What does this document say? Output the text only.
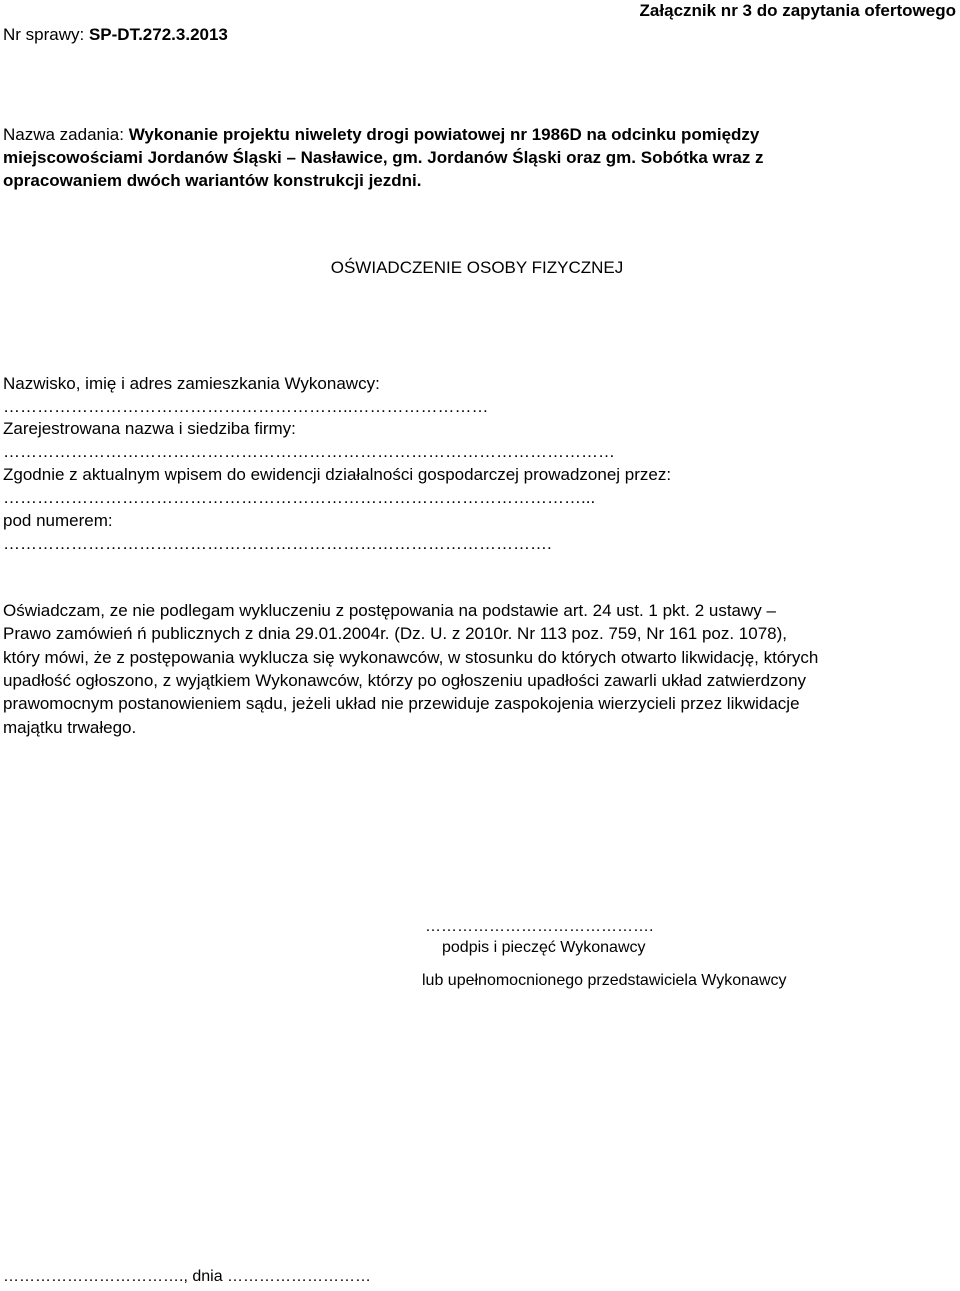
Nr sprawy: SP-DT.272.3.2013
Załącznik nr 3 do zapytania ofertowego
Nazwa zadania: Wykonanie projektu niwelety drogi powiatowej nr 1986D na odcinku pomiędzy
miejscowościami Jordanów Śląski – Nasławice, gm. Jordanów Śląski oraz gm. Sobótka wraz z
opracowaniem dwóch wariantów konstrukcji jezdni.
OŚWIADCZENIE OSOBY FIZYCZNEJ
Nazwisko, imię i adres zamieszkania Wykonawcy:
……………………………………………………..……………………
Zarejestrowana nazwa i siedziba firmy:
………………………………………………………………………………………………
Zgodnie z aktualnym wpisem do ewidencji działalności gospodarczej prowadzonej przez:
…………………………………………………………………………………………...
pod numerem:
…………………………………………………………………………………….
Oświadczam, ze nie podlegam wykluczeniu z postępowania na podstawie art. 24 ust. 1 pkt. 2 ustawy –
Prawo zamówień ń publicznych z dnia 29.01.2004r. (Dz. U. z 2010r. Nr 113 poz. 759, Nr 161 poz. 1078),
który mówi, że z postępowania wyklucza się wykonawców, w stosunku do których otwarto likwidację, których
upadłość ogłoszono, z wyjątkiem Wykonawców, którzy po ogłoszeniu upadłości zawarli układ zatwierdzony
prawomocnym postanowieniem sądu, jeżeli układ nie przewiduje zaspokojenia wierzycieli przez likwidacje
majątku trwałego.
…………………………………….
podpis i pieczęć Wykonawcy
lub upełnomocnionego przedstawiciela Wykonawcy
……………………………., dnia ………………………
